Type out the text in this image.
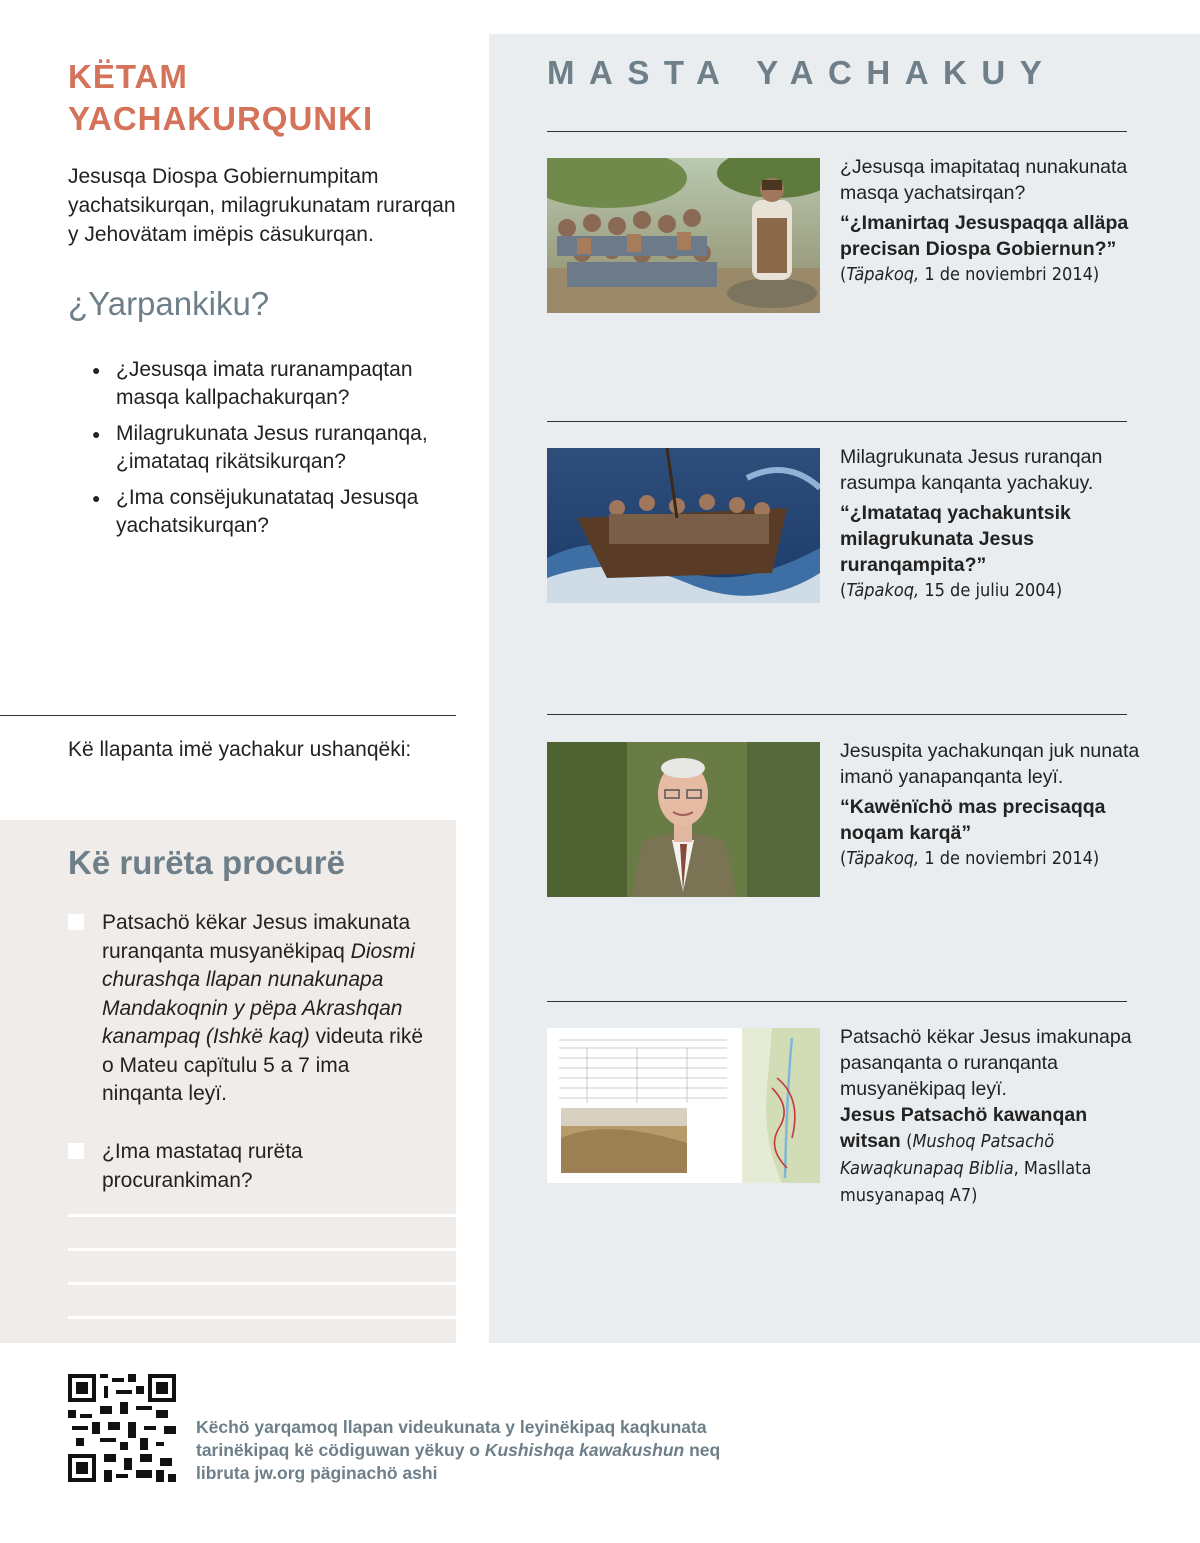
KËTAM YACHAKURQUNKI

Jesusqa Diospa Gobiernumpitam yachatsikurqan, milagrukunatam rurarqan y Jehovätam imëpis cäsukurqan.

¿Yarpankiku?
● ¿Jesusqa imata ruranampaqtan masqa kallpachakurqan?
● Milagrukunata Jesus ruranqanqa, ¿imatataq rikätsikurqan?
● ¿Ima consëjukunatataq Jesusqa yachatsikurqan?
Kë llapanta imë yachakur ushanqëki:
Kë rurëta procurë
Patsachö këkar Jesus imakunata ruranqanta musyanëkipaq Diosmi churashqa llapan nunakunapa Mandakoqnin y pëpa Akrashqan kanampaq (Ishkë kaq) videuta rikë o Mateu capïtulu 5 a 7 ima ninqanta leyï.
¿Ima mastataq rurëta procurankiman?
MASTA YACHAKUY

¿Jesusqa imapitataq nunakunata masqa yachatsirqan?

“¿Imanirtaq Jesuspaqqa alläpa precisan Diospa Gobiernun?”

(Täpakoq, 1 de noviembri 2014)

Milagrukunata Jesus ruranqan rasumpa kanqanta yachakuy.

“¿Imatataq yachakuntsik milagrukunata Jesus ruranqampita?”

(Täpakoq, 15 de juliu 2004)

Jesuspita yachakunqan juk nunata imanö yanapanqanta leyï.

“Kawënïchö mas precisaqqa noqam karqä”

(Täpakoq, 1 de noviembri 2014)

Patsachö këkar Jesus imakunapa pasanqanta o ruranqanta musyanëkipaq leyï.

Jesus Patsachö kawanqan witsan

(Mushoq Patsachö Kawaqkunapaq Biblia, Masllata musyanapaq A7)
Këchö yarqamoq llapan videukunata y leyinëkipaq kaqkunata tarinëkipaq kë cödiguwan yëkuy o Kushishqa kawakushun neq libruta jw.org päginachö ashi
